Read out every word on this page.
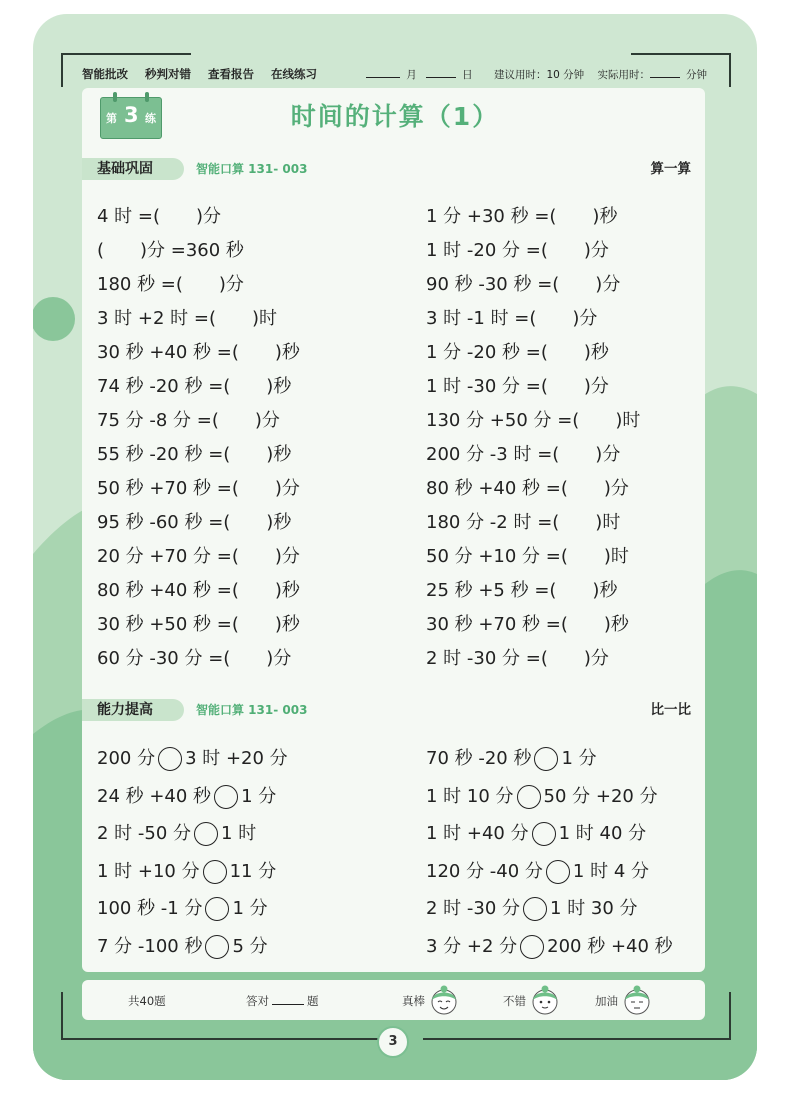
智能批改 秒判对错 查看报告 在线练习	月	日 建议用时：10 分钟 实际用时：	分钟
第 3 练	时间的计算（1）
基础巩固	智能口算 131- 003	算一算
4 时 =(　　)分	1 分 +30 秒 =(　　)秒
(　　)分 =360 秒	1 时 -20 分 =(　　)分
180 秒 =(　　)分	90 秒 -30 秒 =(　　)分
3 时 +2 时 =(　　)时	3 时 -1 时 =(　　)分
30 秒 +40 秒 =(　　)秒	1 分 -20 秒 =(　　)秒
74 秒 -20 秒 =(　　)秒	1 时 -30 分 =(　　)分
75 分 -8 分 =(　　)分	130 分 +50 分 =(　　)时
55 秒 -20 秒 =(　　)秒	200 分 -3 时 =(　　)分
50 秒 +70 秒 =(　　)分	80 秒 +40 秒 =(　　)分
95 秒 -60 秒 =(　　)秒	180 分 -2 时 =(　　)时
20 分 +70 分 =(　　)分	50 分 +10 分 =(　　)时
80 秒 +40 秒 =(　　)秒	25 秒 +5 秒 =(　　)秒
30 秒 +50 秒 =(　　)秒	30 秒 +70 秒 =(　　)秒
60 分 -30 分 =(　　)分	2 时 -30 分 =(　　)分
能力提高	智能口算 131- 003	比一比
200 分 3 时 +20 分	70 秒 -20 秒 1 分
24 秒 +40 秒 1 分	1 时 10 分 50 分 +20 分
2 时 -50 分 1 时	1 时 +40 分 1 时 40 分
1 时 +10 分 11 分	120 分 -40 分 1 时 4 分
100 秒 -1 分 1 分	2 时 -30 分 1 时 30 分
7 分 -100 秒 5 分	3 分 +2 分 200 秒 +40 秒
共40题	答对	题	真棒	不错	加油
3
